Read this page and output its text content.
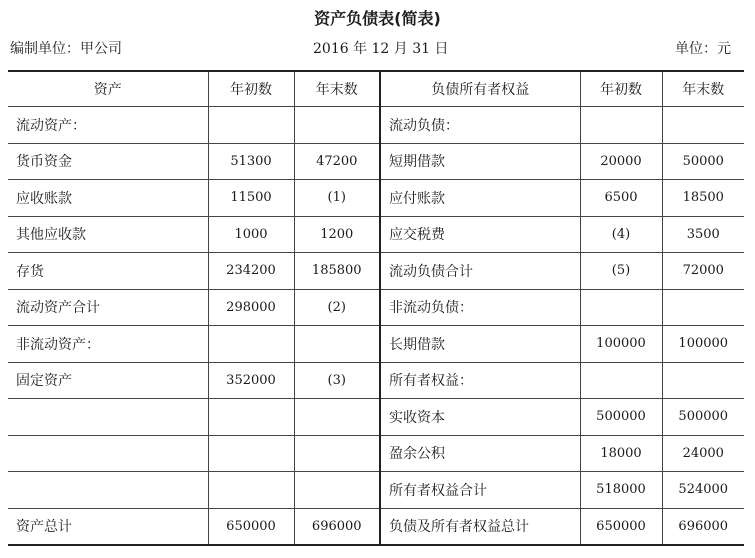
资产负债表(简表)
编制单位：甲公司	2016 年 12 月 31 日	单位：元
资产	年初数	年末数	负债所有者权益	年初数	年末数
流动资产：			流动负债：		
货币资金	51300	47200	短期借款	20000	50000
应收账款	11500	(1)	应付账款	6500	18500
其他应收款	1000	1200	应交税费	(4)	3500
存货	234200	185800	流动负债合计	(5)	72000
流动资产合计	298000	(2)	非流动负债：		
非流动资产：			长期借款	100000	100000
固定资产	352000	(3)	所有者权益：		
			实收资本	500000	500000
			盈余公积	18000	24000
			所有者权益合计	518000	524000
资产总计	650000	696000	负债及所有者权益总计	650000	696000
